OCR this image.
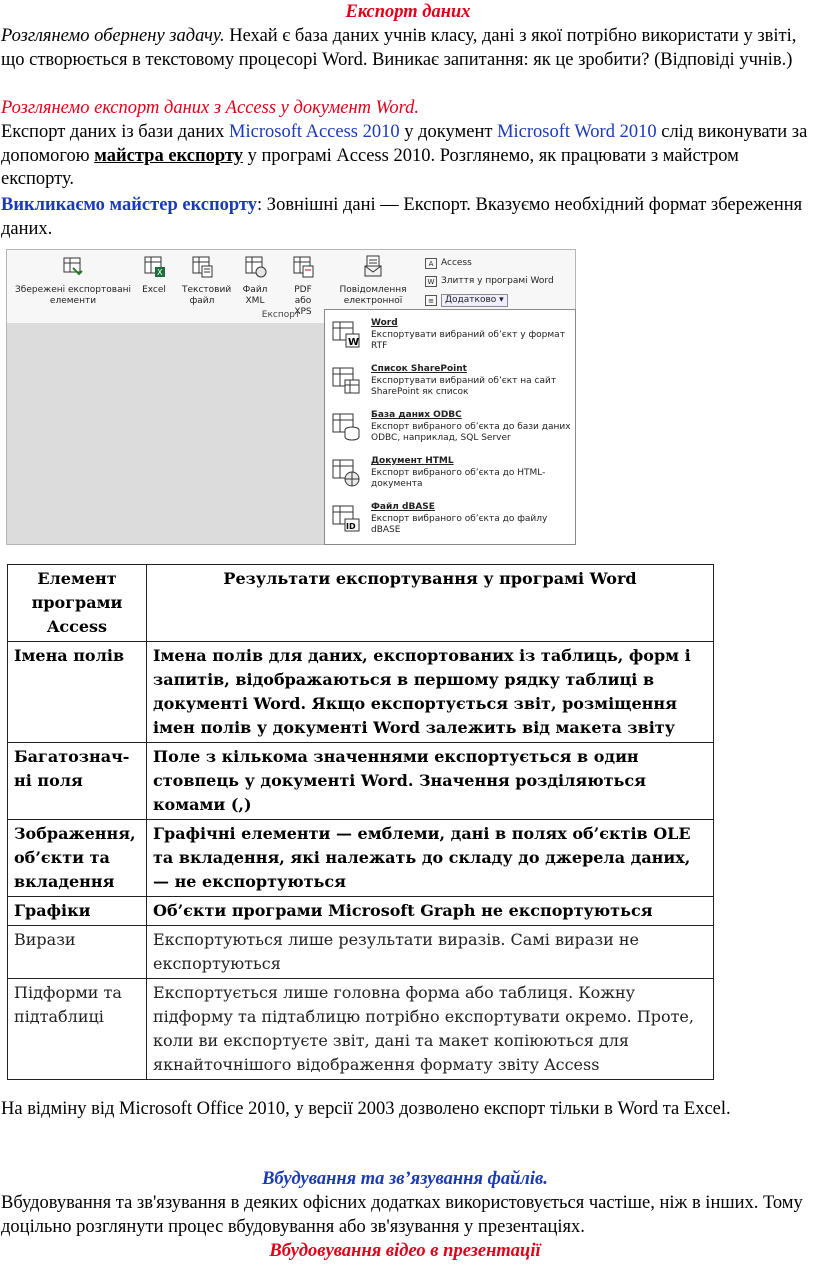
Експорт даних

Розглянемо обернену задачу. Нехай є база даних учнів класу, дані з якої потрібно використати у звіті, що створюється в текстовому процесорі Word. Виникає запитання: як це зробити? (Відповіді учнів.)
Розглянемо експорт даних з Access у документ Word.
Експорт даних із бази даних Microsoft Access 2010 у документ Microsoft Word 2010 слід виконувати за допомогою майстра експорту у програмі Access 2010. Розглянемо, як працювати з майстром експорту.
Викликаємо майстер експорту: Зовнішні дані — Експорт. Вказуємо необхідний формат збереження даних.
Збережені експортовані елементи
X
Excel	Текстовий файл
Файл XML
PDF або XPS
Повідомлення електронної
A Access
W Злиття у програмі Word
≡	Додатково ▾
Експорт
W
Word
Експортувати вибраний об’єкт у формат RTF
Список SharePoint
Експортувати вибраний об’єкт на сайт SharePoint як список
База даних ODBC
Експорт вибраного об’єкта до бази даних ODBC, наприклад, SQL Server
Документ HTML
Експорт вибраного об’єкта до HTML-документа
ID
Файл dBASE
Експорт вибраного об’єкта до файлу dBASE
Елемент програми Access	Результати експортування у програмі Word
Імена полів	Імена полів для даних, експортованих із таблиць, форм і запитів, відображаються в першому рядку таблиці в документі Word. Якщо експортується звіт, розміщення імен полів у документі Word залежить від макета звіту
Багатознач-ні поля	Поле з кількома значеннями експортується в один стовпець у документі Word. Значення розділяються комами (,)
Зображення, об’єкти та вкладення	Графічні елементи — емблеми, дані в полях об’єктів OLE та вкладення, які належать до складу до джерела даних, — не експортуються
Графіки	Об’єкти програми Microsoft Graph не експортуються
Вирази	Експортуються лише результати виразів. Самі вирази не експортуються
Підформи та підтаблиці	Експортується лише головна форма або таблиця. Кожну підформу та підтаблицю потрібно експортувати окремо. Проте, коли ви експортуєте звіт, дані та макет копіюються для якнайточнішого відображення формату звіту Access
На відміну від Microsoft Office 2010, у версії 2003 дозволено експорт тільки в Word та Excel.
Вбудування та зв’язування файлів.
Вбудовування та зв'язування в деяких офісних додатках використовується частіше, ніж в інших. Тому доцільно розглянути процес вбудовування або зв'язування у презентаціях.
Вбудовування відео в презентації
